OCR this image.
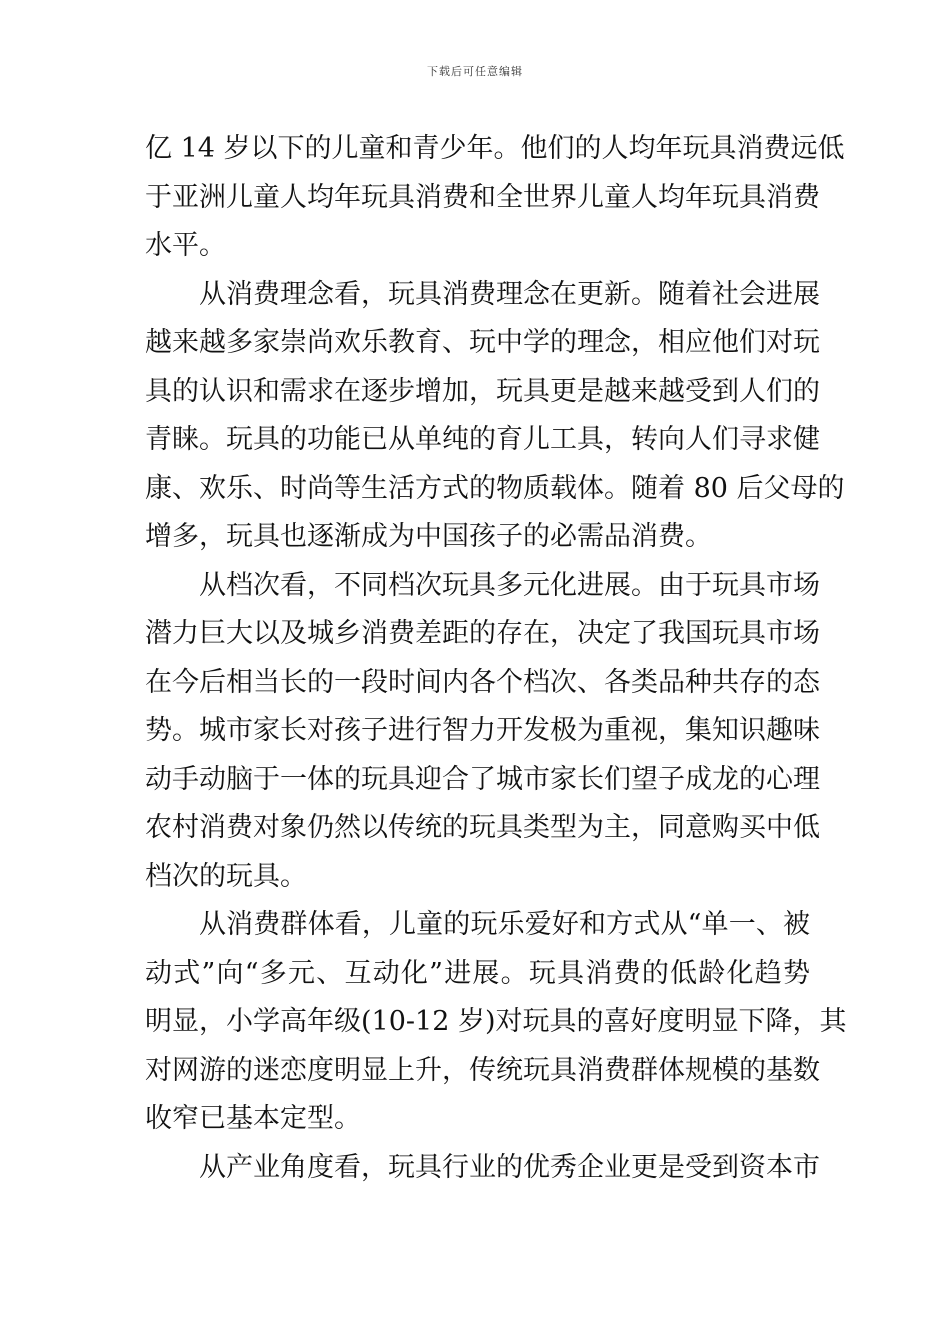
下载后可任意编辑
亿 14 岁以下的儿童和青少年。他们的人均年玩具消费远低
于亚洲儿童人均年玩具消费和全世界儿童人均年玩具消费
水平。
从消费理念看，玩具消费理念在更新。随着社会进展
越来越多家崇尚欢乐教育、玩中学的理念，相应他们对玩
具的认识和需求在逐步增加，玩具更是越来越受到人们的
青睐。玩具的功能已从单纯的育儿工具，转向人们寻求健
康、欢乐、时尚等生活方式的物质载体。随着 80 后父母的
增多，玩具也逐渐成为中国孩子的必需品消费。
从档次看，不同档次玩具多元化进展。由于玩具市场
潜力巨大以及城乡消费差距的存在，决定了我国玩具市场
在今后相当长的一段时间内各个档次、各类品种共存的态
势。城市家长对孩子进行智力开发极为重视，集知识趣味
动手动脑于一体的玩具迎合了城市家长们望子成龙的心理
农村消费对象仍然以传统的玩具类型为主，同意购买中低
档次的玩具。
从消费群体看，儿童的玩乐爱好和方式从“单一、被
动式”向“多元、互动化”进展。玩具消费的低龄化趋势
明显，小学高年级(10-12 岁)对玩具的喜好度明显下降，其
对网游的迷恋度明显上升，传统玩具消费群体规模的基数
收窄已基本定型。
从产业角度看，玩具行业的优秀企业更是受到资本市
